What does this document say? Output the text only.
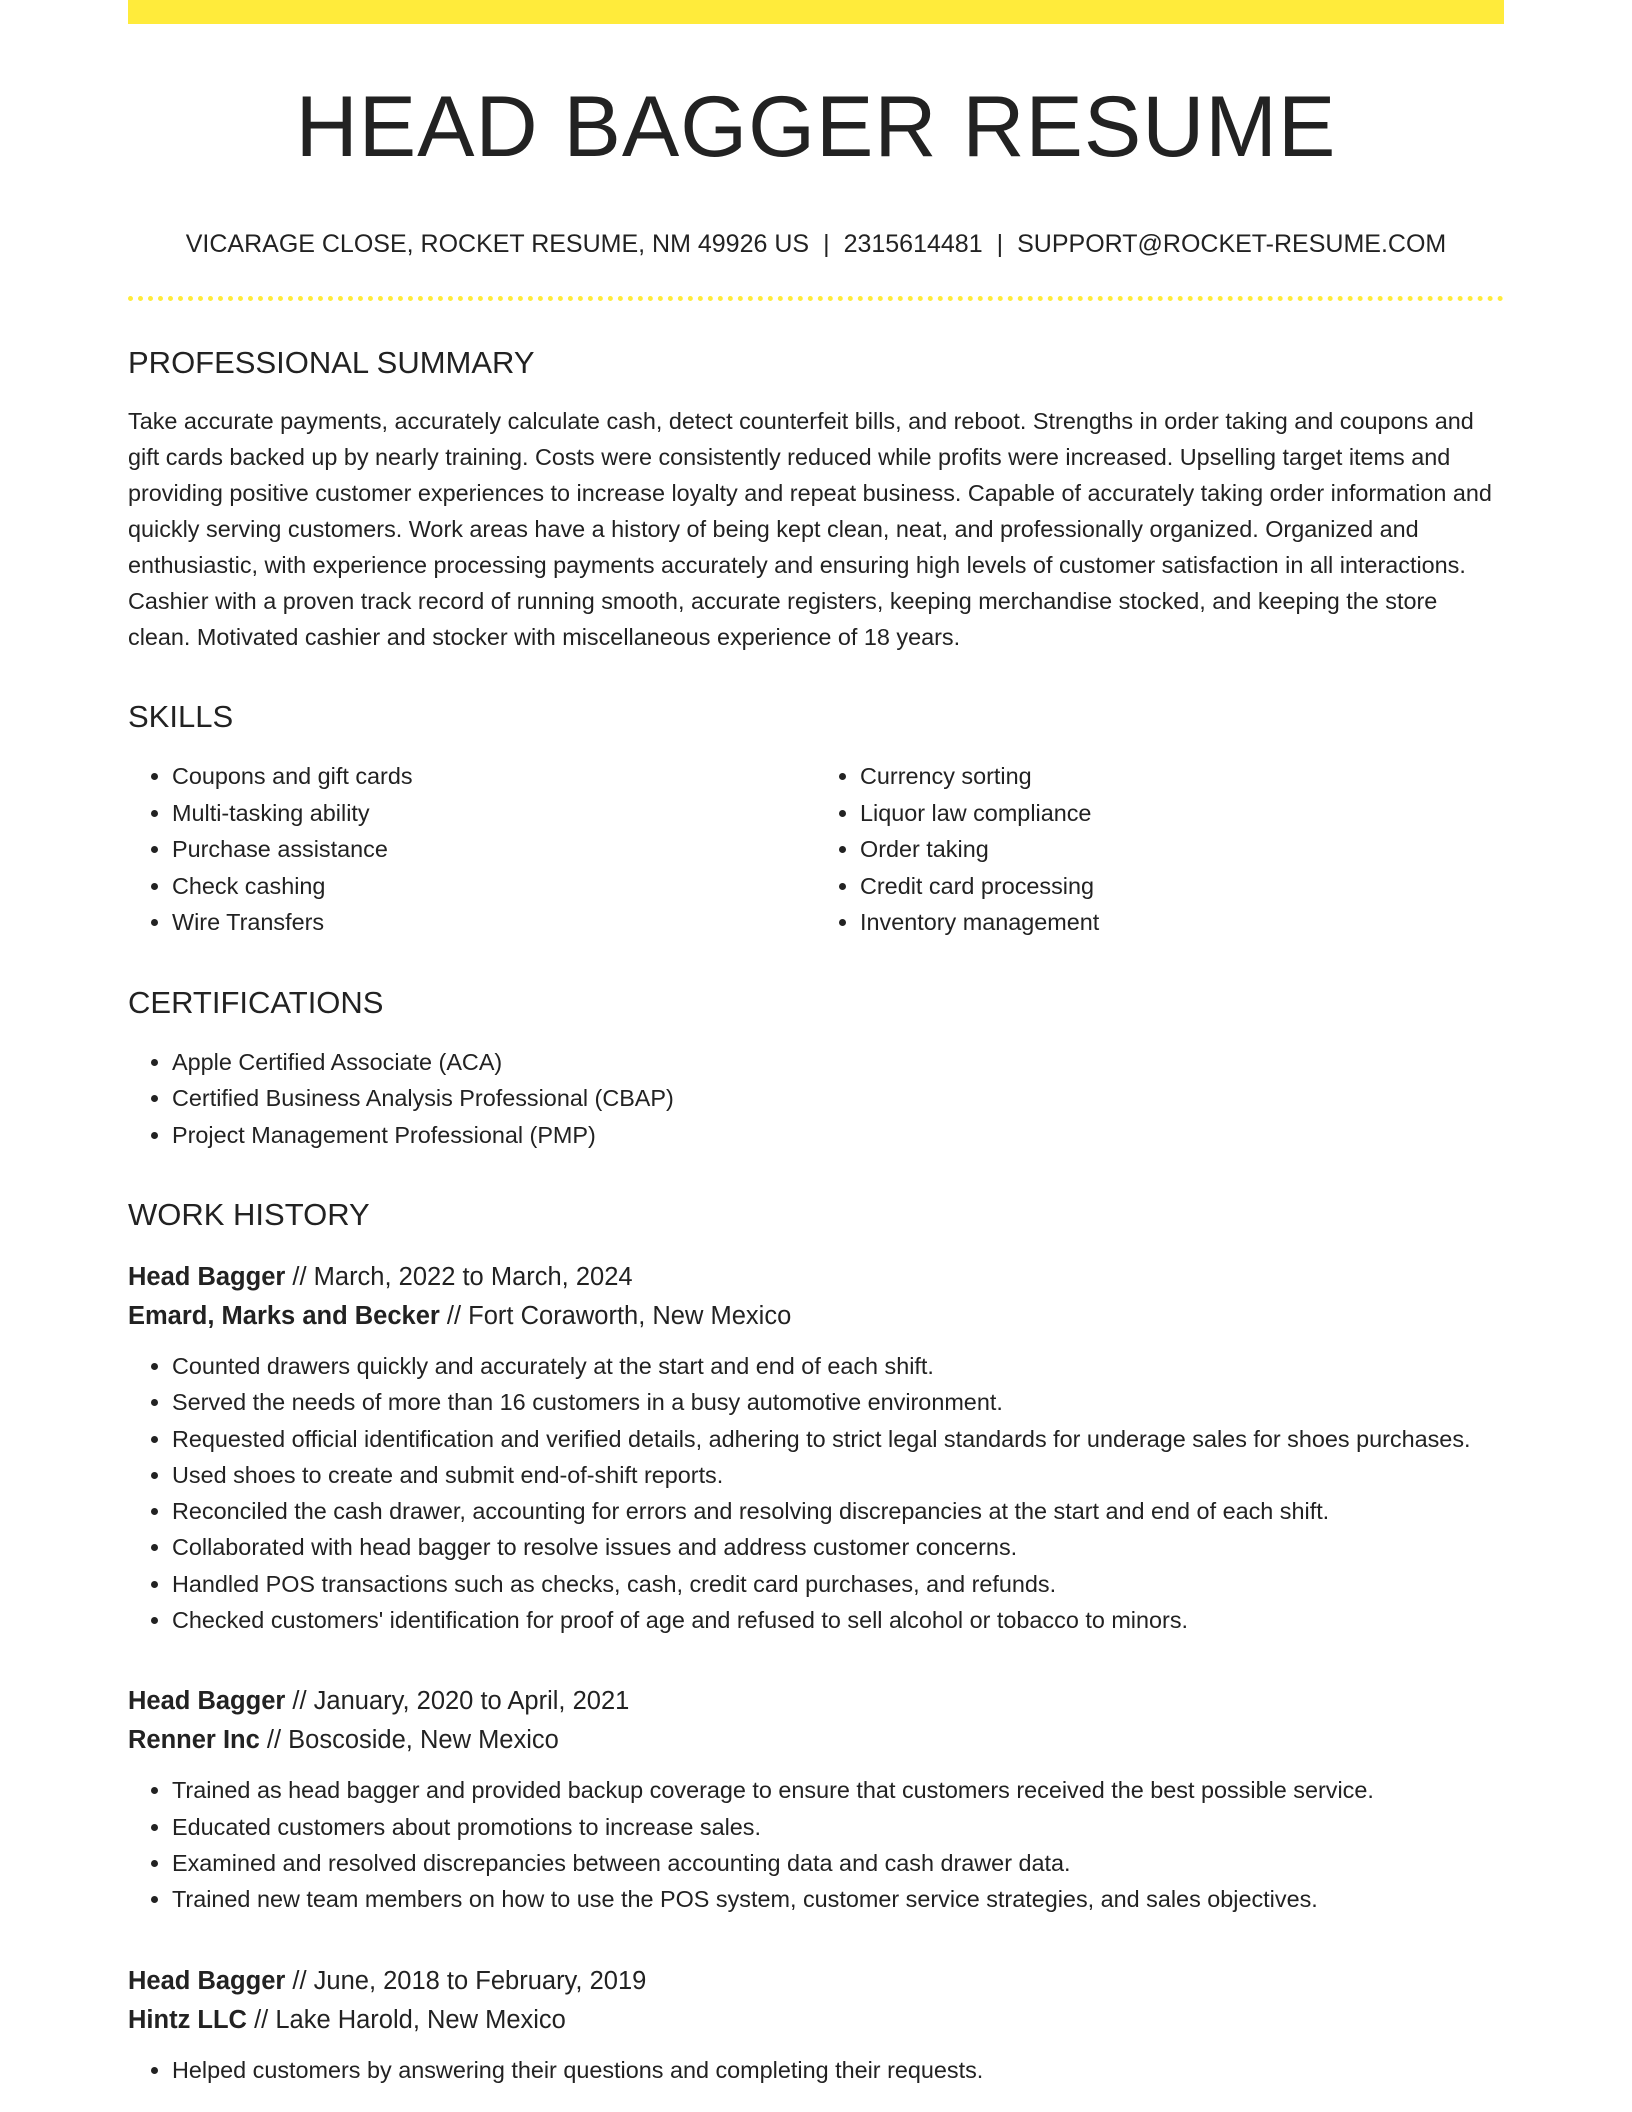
HEAD BAGGER RESUME
VICARAGE CLOSE, ROCKET RESUME, NM 49926 US | 2315614481 | SUPPORT@ROCKET-RESUME.COM
PROFESSIONAL SUMMARY

Take accurate payments, accurately calculate cash, detect counterfeit bills, and reboot. Strengths in order taking and coupons and gift cards backed up by nearly training. Costs were consistently reduced while profits were increased. Upselling target items and providing positive customer experiences to increase loyalty and repeat business. Capable of accurately taking order information and quickly serving customers. Work areas have a history of being kept clean, neat, and professionally organized. Organized and enthusiastic, with experience processing payments accurately and ensuring high levels of customer satisfaction in all interactions. Cashier with a proven track record of running smooth, accurate registers, keeping merchandise stocked, and keeping the store clean. Motivated cashier and stocker with miscellaneous experience of 18 years.

SKILLS
• Coupons and gift cards
• Multi-tasking ability
• Purchase assistance
• Check cashing
• Wire Transfers
• Currency sorting
• Liquor law compliance
• Order taking
• Credit card processing
• Inventory management
CERTIFICATIONS
• Apple Certified Associate (ACA)
• Certified Business Analysis Professional (CBAP)
• Project Management Professional (PMP)
WORK HISTORY
Head Bagger // March, 2022 to March, 2024
Emard, Marks and Becker // Fort Coraworth, New Mexico
• Counted drawers quickly and accurately at the start and end of each shift.
• Served the needs of more than 16 customers in a busy automotive environment.
• Requested official identification and verified details, adhering to strict legal standards for underage sales for shoes purchases.
• Used shoes to create and submit end-of-shift reports.
• Reconciled the cash drawer, accounting for errors and resolving discrepancies at the start and end of each shift.
• Collaborated with head bagger to resolve issues and address customer concerns.
• Handled POS transactions such as checks, cash, credit card purchases, and refunds.
• Checked customers' identification for proof of age and refused to sell alcohol or tobacco to minors.
Head Bagger // January, 2020 to April, 2021
Renner Inc // Boscoside, New Mexico
• Trained as head bagger and provided backup coverage to ensure that customers received the best possible service.
• Educated customers about promotions to increase sales.
• Examined and resolved discrepancies between accounting data and cash drawer data.
• Trained new team members on how to use the POS system, customer service strategies, and sales objectives.
Head Bagger // June, 2018 to February, 2019
Hintz LLC // Lake Harold, New Mexico
• Helped customers by answering their questions and completing their requests.
